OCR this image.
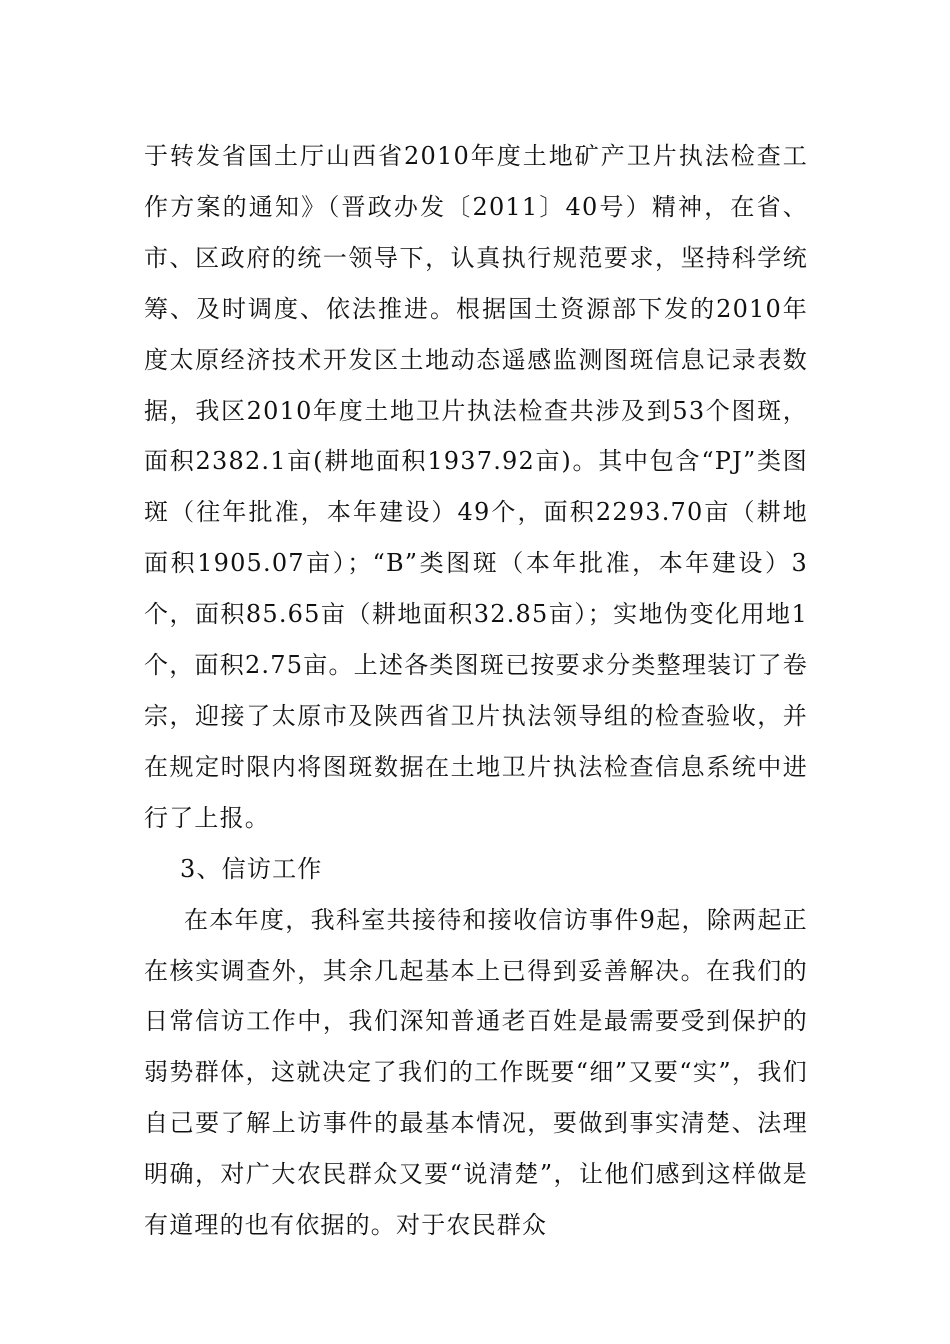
于转发省国土厅山西省2010年度土地矿产卫片执法检查工作方案的通知》（晋政办发〔2011〕40号）精神，在省、市、区政府的统一领导下，认真执行规范要求，坚持科学统筹、及时调度、依法推进。根据国土资源部下发的2010年度太原经济技术开发区土地动态遥感监测图斑信息记录表数据，我区2010年度土地卫片执法检查共涉及到53个图斑，面积2382.1亩(耕地面积1937.92亩)。其中包含“PJ”类图斑（往年批准，本年建设）49个，面积2293.70亩（耕地面积1905.07亩）；“B”类图斑（本年批准，本年建设）3个，面积85.65亩（耕地面积32.85亩）；实地伪变化用地1个，面积2.75亩。上述各类图斑已按要求分类整理装订了卷宗，迎接了太原市及陕西省卫片执法领导组的检查验收，并在规定时限内将图斑数据在土地卫片执法检查信息系统中进行了上报。

3、信访工作

在本年度，我科室共接待和接收信访事件9起，除两起正在核实调查外，其余几起基本上已得到妥善解决。在我们的日常信访工作中，我们深知普通老百姓是最需要受到保护的弱势群体，这就决定了我们的工作既要“细”又要“实”，我们自己要了解上访事件的最基本情况，要做到事实清楚、法理明确，对广大农民群众又要“说清楚”，让他们感到这样做是有道理的也有依据的。对于农民群众
